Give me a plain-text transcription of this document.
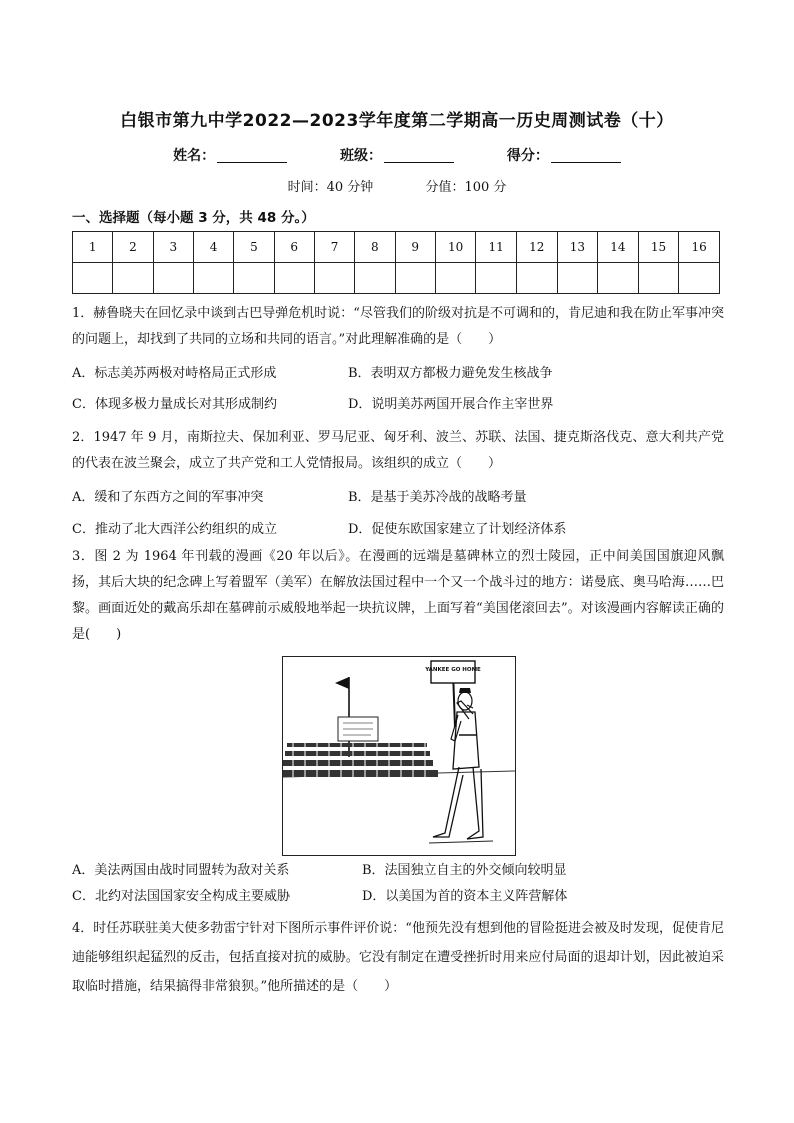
白银市第九中学2022—2023学年度第二学期高一历史周测试卷（十）
姓名：	班级：	得分：
时间：40 分钟	分值：100 分
一、选择题（每小题 3 分，共 48 分。）
1	2	3	4	5	6	7	8	9	10	11	12	13	14	15	16

1．赫鲁晓夫在回忆录中谈到古巴导弹危机时说：“尽管我们的阶级对抗是不可调和的，肯尼迪和我在防止军事冲突的问题上，却找到了共同的立场和共同的语言。”对此理解准确的是（　　）
A．标志美苏两极对峙格局正式形成	B．表明双方都极力避免发生核战争
C．体现多极力量成长对其形成制约	D．说明美苏两国开展合作主宰世界
2．1947 年 9 月，南斯拉夫、保加利亚、罗马尼亚、匈牙利、波兰、苏联、法国、捷克斯洛伐克、意大利共产党的代表在波兰聚会，成立了共产党和工人党情报局。该组织的成立（　　）
A．缓和了东西方之间的军事冲突	B．是基于美苏冷战的战略考量
C．推动了北大西洋公约组织的成立	D．促使东欧国家建立了计划经济体系
3．图 2 为 1964 年刊载的漫画《20 年以后》。在漫画的远端是墓碑林立的烈士陵园，正中间美国国旗迎风飘扬，其后大块的纪念碑上写着盟军（美军）在解放法国过程中一个又一个战斗过的地方：诺曼底、奥马哈海……巴黎。画面近处的戴高乐却在墓碑前示威般地举起一块抗议牌，上面写着“美国佬滚回去”。对该漫画内容解读正确的是(　　)
YANKEE GO HOME
A．美法两国由战时同盟转为敌对关系	B．法国独立自主的外交倾向较明显
C．北约对法国国家安全构成主要威胁	D．以美国为首的资本主义阵营解体
4．时任苏联驻美大使多勃雷宁针对下图所示事件评价说：“他预先没有想到他的冒险挺进会被及时发现，促使肯尼迪能够组织起猛烈的反击，包括直接对抗的威胁。它没有制定在遭受挫折时用来应付局面的退却计划，因此被迫采取临时措施，结果搞得非常狼狈。”他所描述的是（　　）
